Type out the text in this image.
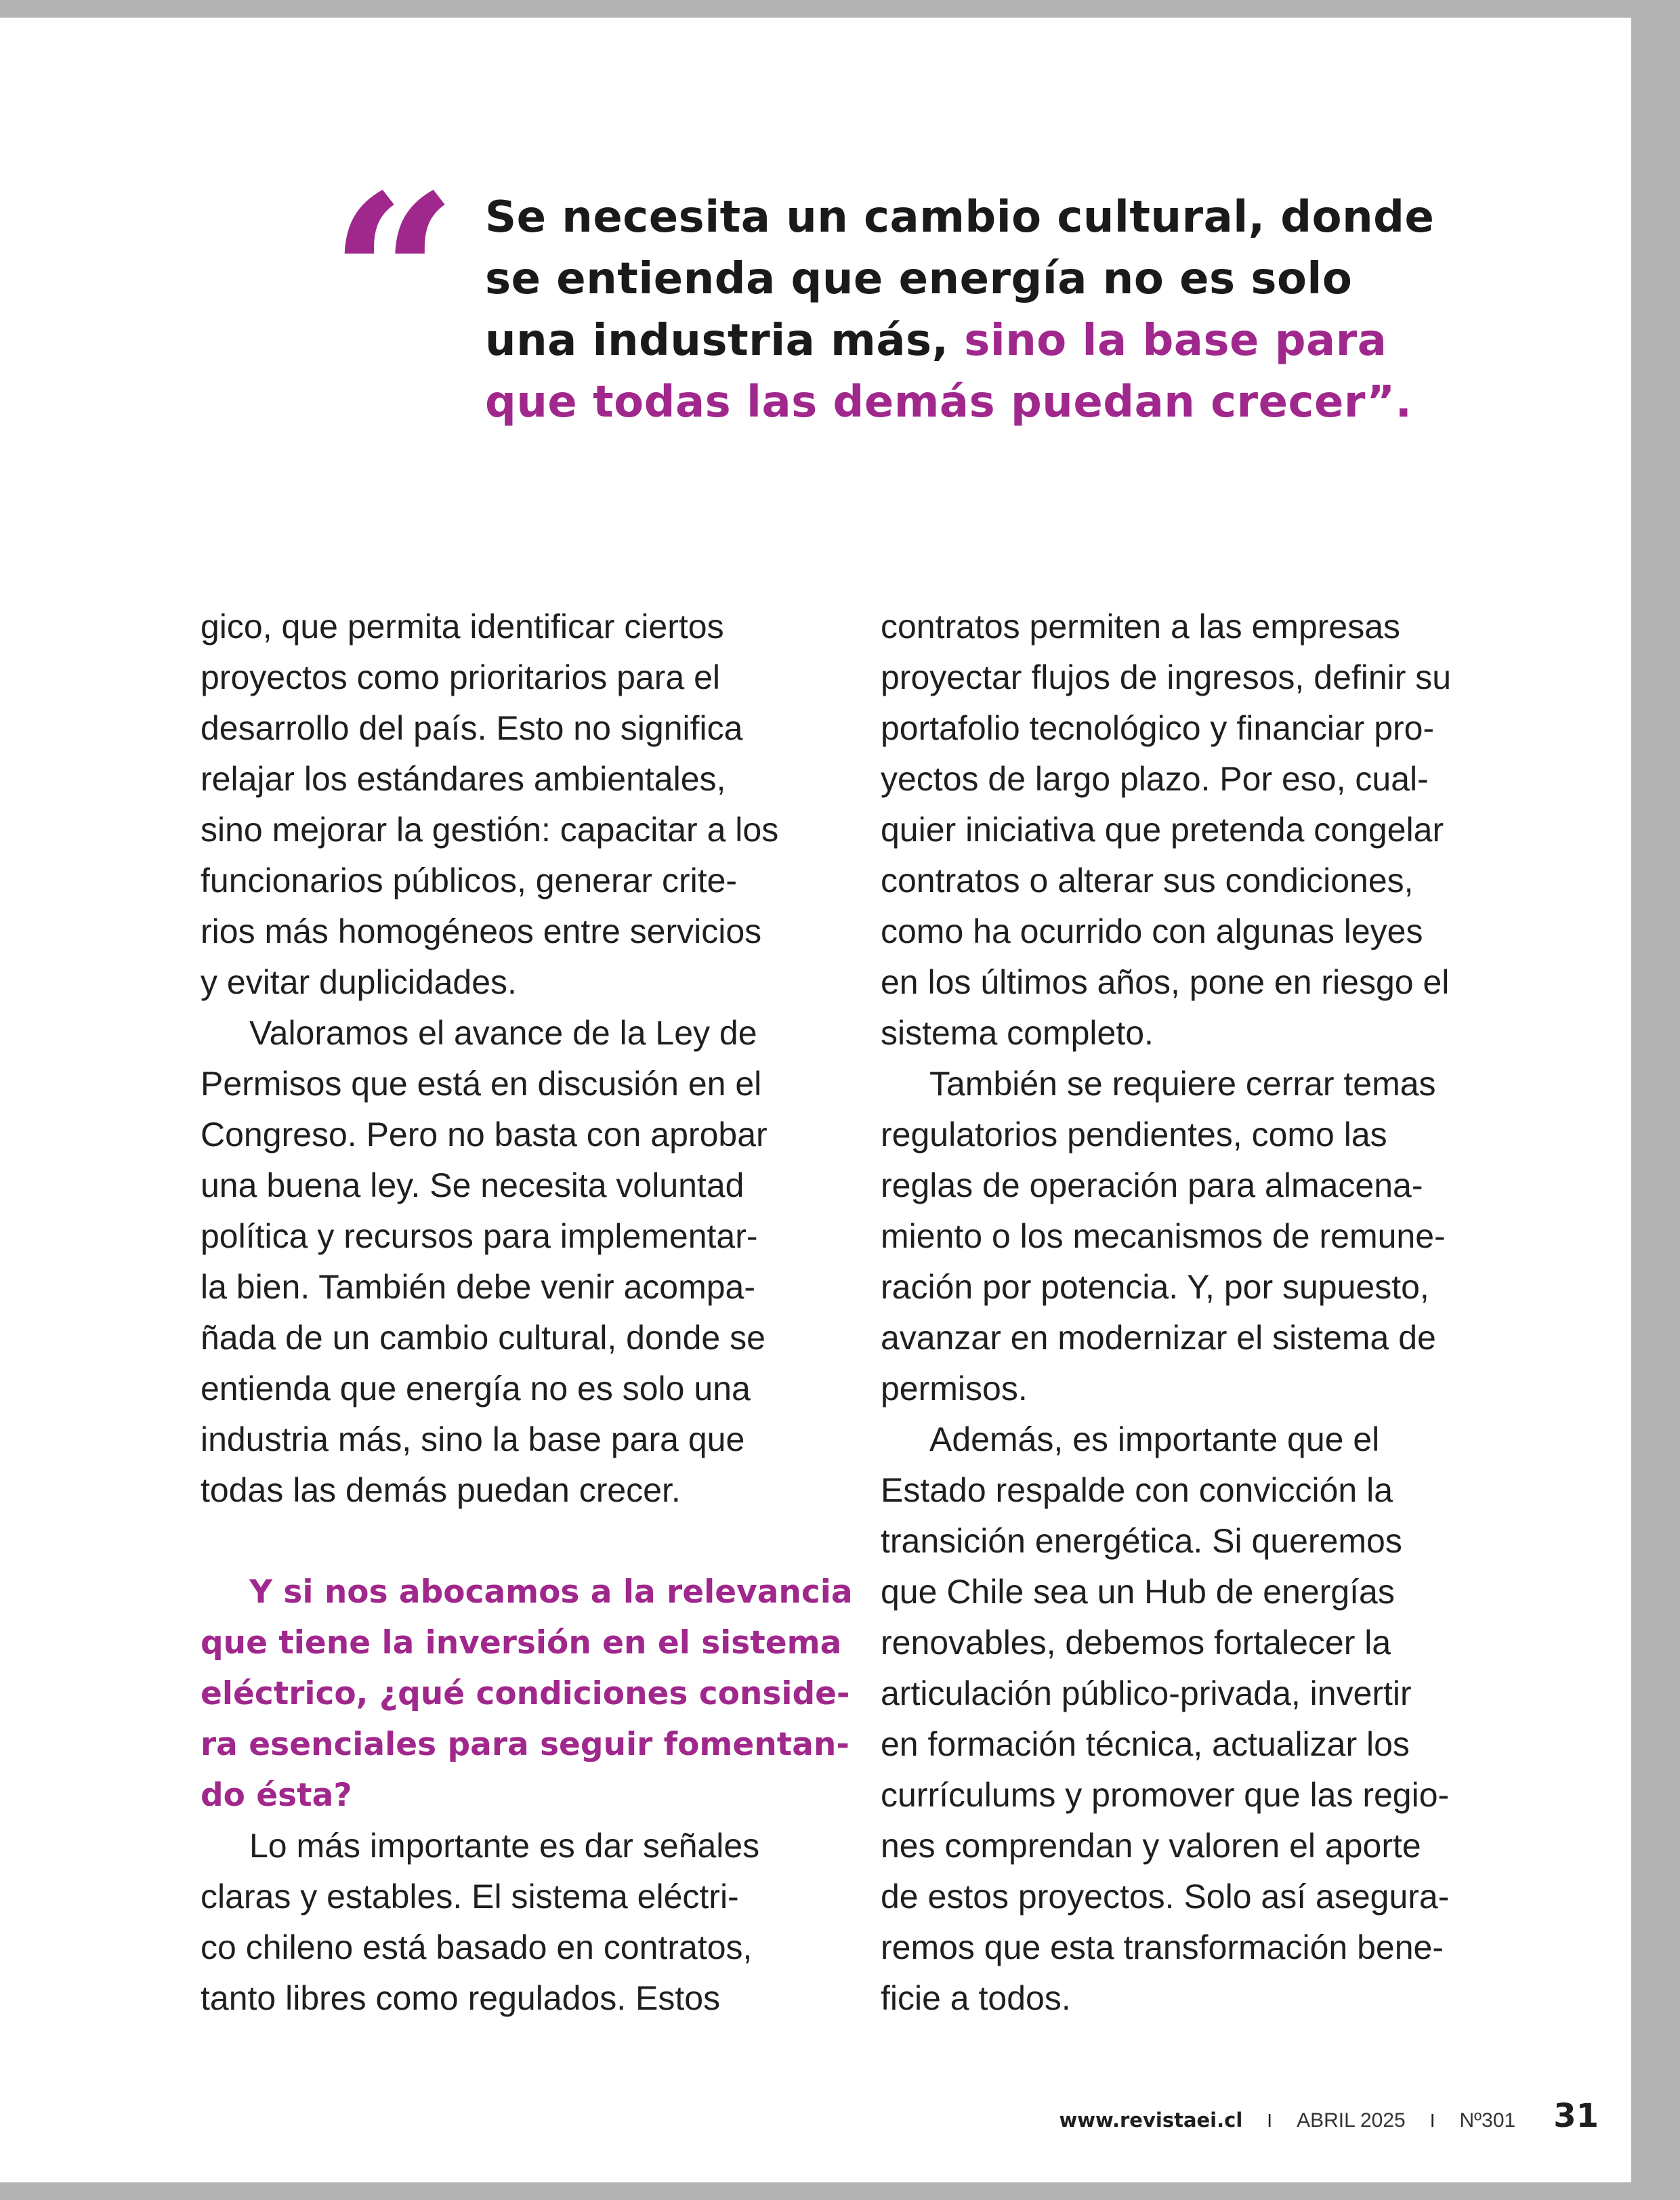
“ Se necesita un cambio cultural, donde
se entienda que energía no es solo
una industria más, sino la base para
que todas las demás puedan crecer”.
gico, que permita identificar ciertos
proyectos como prioritarios para el
desarrollo del país. Esto no significa
relajar los estándares ambientales,
sino mejorar la gestión: capacitar a los
funcionarios públicos, generar crite-
rios más homogéneos entre servicios
y evitar duplicidades.
Valoramos el avance de la Ley de
Permisos que está en discusión en el
Congreso. Pero no basta con aprobar
una buena ley. Se necesita voluntad
política y recursos para implementar-
la bien. También debe venir acompa-
ñada de un cambio cultural, donde se
entienda que energía no es solo una
industria más, sino la base para que
todas las demás puedan crecer.
Y si nos abocamos a la relevancia
que tiene la inversión en el sistema
eléctrico, ¿qué condiciones conside-
ra esenciales para seguir fomentan-
do ésta?
Lo más importante es dar señales
claras y estables. El sistema eléctri-
co chileno está basado en contratos,
tanto libres como regulados. Estos
contratos permiten a las empresas
proyectar flujos de ingresos, definir su
portafolio tecnológico y financiar pro-
yectos de largo plazo. Por eso, cual-
quier iniciativa que pretenda congelar
contratos o alterar sus condiciones,
como ha ocurrido con algunas leyes
en los últimos años, pone en riesgo el
sistema completo.
También se requiere cerrar temas
regulatorios pendientes, como las
reglas de operación para almacena-
miento o los mecanismos de remune-
ración por potencia. Y, por supuesto,
avanzar en modernizar el sistema de
permisos.
Además, es importante que el
Estado respalde con convicción la
transición energética. Si queremos
que Chile sea un Hub de energías
renovables, debemos fortalecer la
articulación público-privada, invertir
en formación técnica, actualizar los
currículums y promover que las regio-
nes comprendan y valoren el aporte
de estos proyectos. Solo así asegura-
remos que esta transformación bene-
ficie a todos.
www.revistaei.cl I ABRIL 2025 I Nº301 31
